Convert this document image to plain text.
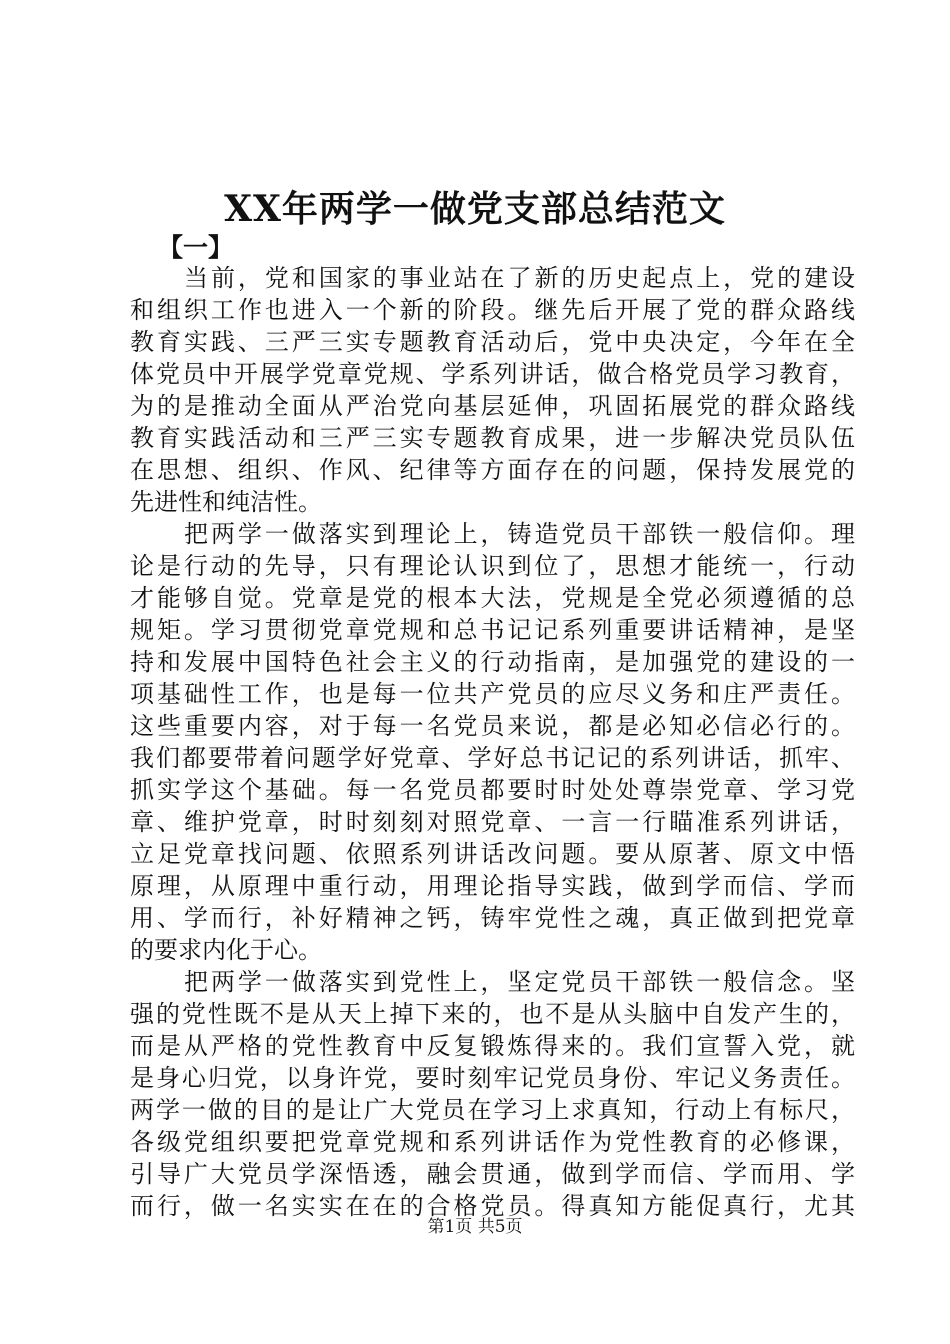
XX年两学一做党支部总结范文
【一】
当前，党和国家的事业站在了新的历史起点上，党的建设
和组织工作也进入一个新的阶段。继先后开展了党的群众路线
教育实践、三严三实专题教育活动后，党中央决定，今年在全
体党员中开展学党章党规、学系列讲话，做合格党员学习教育，
为的是推动全面从严治党向基层延伸，巩固拓展党的群众路线
教育实践活动和三严三实专题教育成果，进一步解决党员队伍
在思想、组织、作风、纪律等方面存在的问题，保持发展党的
先进性和纯洁性。
把两学一做落实到理论上，铸造党员干部铁一般信仰。理
论是行动的先导，只有理论认识到位了，思想才能统一，行动
才能够自觉。党章是党的根本大法，党规是全党必须遵循的总
规矩。学习贯彻党章党规和总书记记系列重要讲话精神，是坚
持和发展中国特色社会主义的行动指南，是加强党的建设的一
项基础性工作，也是每一位共产党员的应尽义务和庄严责任。
这些重要内容，对于每一名党员来说，都是必知必信必行的。
我们都要带着问题学好党章、学好总书记记的系列讲话，抓牢、
抓实学这个基础。每一名党员都要时时处处尊崇党章、学习党
章、维护党章，时时刻刻对照党章、一言一行瞄准系列讲话，
立足党章找问题、依照系列讲话改问题。要从原著、原文中悟
原理，从原理中重行动，用理论指导实践，做到学而信、学而
用、学而行，补好精神之钙，铸牢党性之魂，真正做到把党章
的要求内化于心。
把两学一做落实到党性上，坚定党员干部铁一般信念。坚
强的党性既不是从天上掉下来的，也不是从头脑中自发产生的，
而是从严格的党性教育中反复锻炼得来的。我们宣誓入党，就
是身心归党，以身许党，要时刻牢记党员身份、牢记义务责任。
两学一做的目的是让广大党员在学习上求真知，行动上有标尺，
各级党组织要把党章党规和系列讲话作为党性教育的必修课，
引导广大党员学深悟透，融会贯通，做到学而信、学而用、学
而行，做一名实实在在的合格党员。得真知方能促真行，尤其
第1页 共5页
